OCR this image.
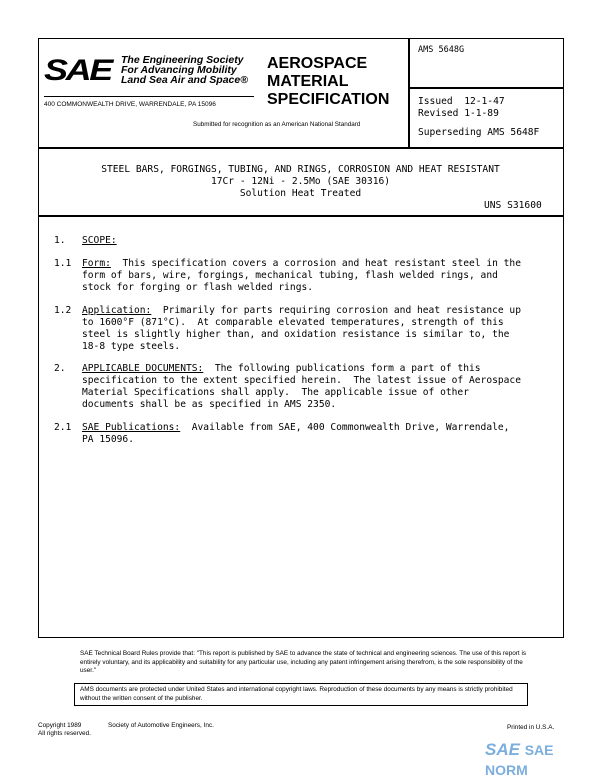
SAE The Engineering Society
For Advancing Mobility
Land Sea Air and Space®
400 COMMONWEALTH DRIVE, WARRENDALE, PA 15096
AEROSPACE
MATERIAL
SPECIFICATION
Submitted for recognition as an American National Standard
AMS 5648G
Issued  12-1-47
Revised 1-1-89
Superseding AMS 5648F
STEEL BARS, FORGINGS, TUBING, AND RINGS, CORROSION AND HEAT RESISTANT
17Cr - 12Ni - 2.5Mo (SAE 30316)
Solution Heat Treated
UNS S31600
1. SCOPE:
1.1 Form:  This specification covers a corrosion and heat resistant steel in the
form of bars, wire, forgings, mechanical tubing, flash welded rings, and
stock for forging or flash welded rings.
1.2 Application:  Primarily for parts requiring corrosion and heat resistance up
to 1600°F (871°C).  At comparable elevated temperatures, strength of this
steel is slightly higher than, and oxidation resistance is similar to, the
18-8 type steels.
2. APPLICABLE DOCUMENTS:  The following publications form a part of this
specification to the extent specified herein.  The latest issue of Aerospace
Material Specifications shall apply.  The applicable issue of other
documents shall be as specified in AMS 2350.
2.1 SAE Publications:  Available from SAE, 400 Commonwealth Drive, Warrendale,
PA 15096.
SAE Technical Board Rules provide that: "This report is published by SAE to advance the state of technical and engineering sciences. The use of this report is entirely voluntary, and its applicability and suitability for any particular use, including any patent infringement arising therefrom, is the sole responsibility of the user."
AMS documents are protected under United States and international copyright laws. Reproduction of these documents by any means is strictly prohibited without the written consent of the publisher.
Copyright 1989	Society of Automotive Engineers, Inc.
All rights reserved.
Printed in U.S.A.
SAE SAE NORM
